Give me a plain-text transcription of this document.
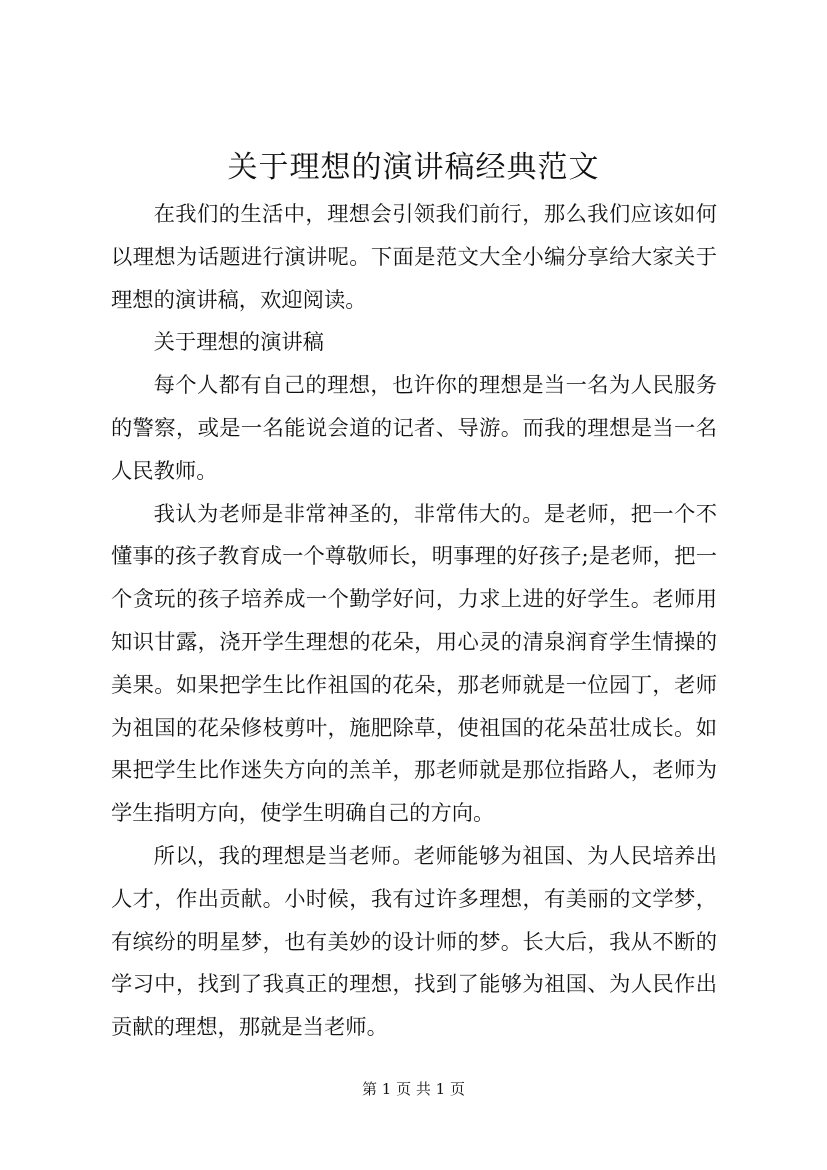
关于理想的演讲稿经典范文

在我们的生活中，理想会引领我们前行，那么我们应该如何以理想为话题进行演讲呢。下面是范文大全小编分享给大家关于理想的演讲稿，欢迎阅读。

关于理想的演讲稿

每个人都有自己的理想，也许你的理想是当一名为人民服务的警察，或是一名能说会道的记者、导游。而我的理想是当一名人民教师。

我认为老师是非常神圣的，非常伟大的。是老师，把一个不懂事的孩子教育成一个尊敬师长，明事理的好孩子;是老师，把一个贪玩的孩子培养成一个勤学好问，力求上进的好学生。老师用知识甘露，浇开学生理想的花朵，用心灵的清泉润育学生情操的美果。如果把学生比作祖国的花朵，那老师就是一位园丁，老师为祖国的花朵修枝剪叶，施肥除草，使祖国的花朵茁壮成长。如果把学生比作迷失方向的羔羊，那老师就是那位指路人，老师为学生指明方向，使学生明确自己的方向。

所以，我的理想是当老师。老师能够为祖国、为人民培养出人才，作出贡献。小时候，我有过许多理想，有美丽的文学梦，有缤纷的明星梦，也有美妙的设计师的梦。长大后，我从不断的学习中，找到了我真正的理想，找到了能够为祖国、为人民作出贡献的理想，那就是当老师。

第 1 页 共 1 页
